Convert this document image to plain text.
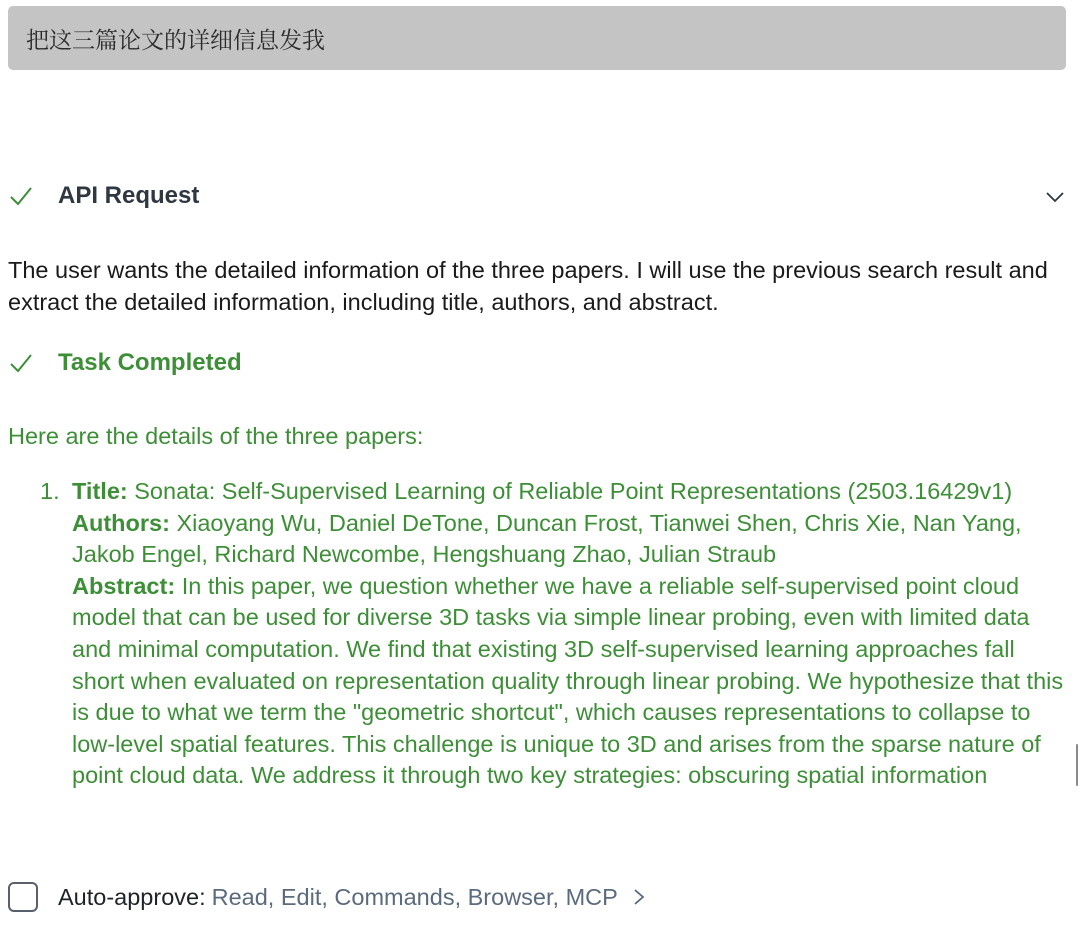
把这三篇论文的详细信息发我
API Request
The user wants the detailed information of the three papers. I will use the previous search result and extract the detailed information, including title, authors, and abstract.
Task Completed
Here are the details of the three papers:
1. Title: Sonata: Self-Supervised Learning of Reliable Point Representations (2503.16429v1)
Authors: Xiaoyang Wu, Daniel DeTone, Duncan Frost, Tianwei Shen, Chris Xie, Nan Yang, Jakob Engel, Richard Newcombe, Hengshuang Zhao, Julian Straub
Abstract: In this paper, we question whether we have a reliable self-supervised point cloud model that can be used for diverse 3D tasks via simple linear probing, even with limited data and minimal computation. We find that existing 3D self-supervised learning approaches fall short when evaluated on representation quality through linear probing. We hypothesize that this is due to what we term the "geometric shortcut", which causes representations to collapse to low-level spatial features. This challenge is unique to 3D and arises from the sparse nature of point cloud data. We address it through two key strategies: obscuring spatial information
Auto-approve: Read, Edit, Commands, Browser, MCP
